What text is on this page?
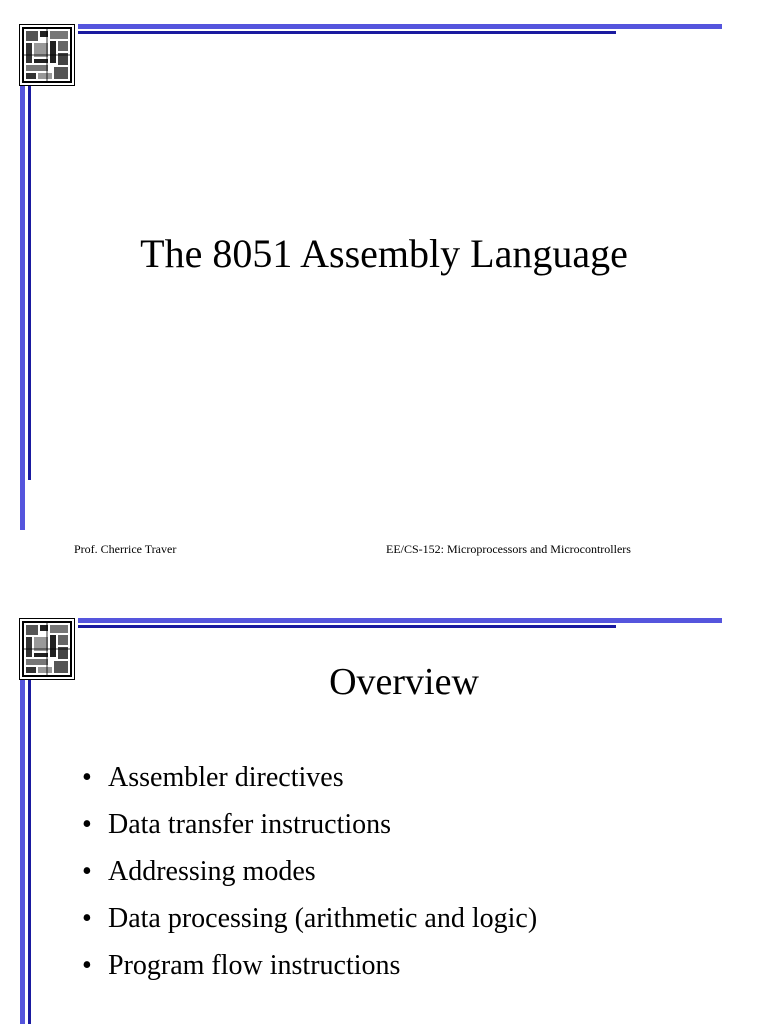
The 8051 Assembly Language

Prof. Cherrice Traver	EE/CS-152: Microprocessors and Microcontrollers

Overview
• Assembler directives
• Data transfer instructions
• Addressing modes
• Data processing (arithmetic and logic)
• Program flow instructions
